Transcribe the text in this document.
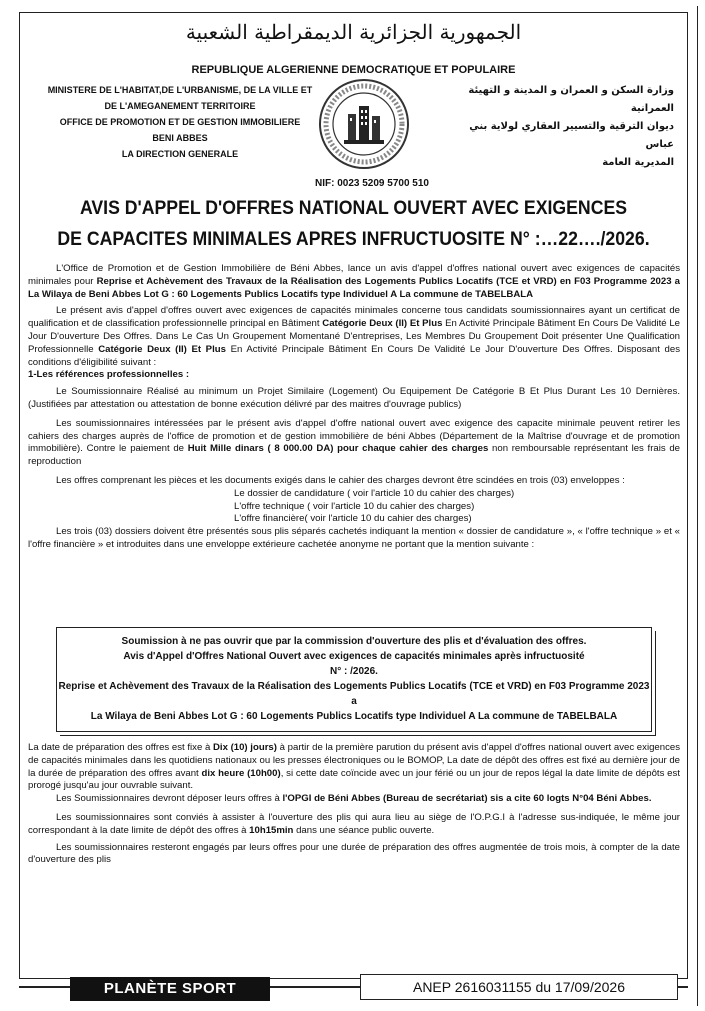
الجمهورية الجزائرية الديمقراطية الشعبية
REPUBLIQUE ALGERIENNE DEMOCRATIQUE ET POPULAIRE
MINISTERE DE L'HABITAT,DE L'URBANISME, DE LA VILLE ET
DE L'AMEGANEMENT TERRITOIRE
OFFICE DE PROMOTION ET DE GESTION IMMOBILIERE
BENI ABBES
LA DIRECTION GENERALE
وزارة السكن و العمران و المدينة و التهيئة العمرانية
ديوان الترقية والتسيير العقاري لولاية بني عباس
المديرية العامة
NIF: 0023 5209 5700 510
AVIS D'APPEL D'OFFRES NATIONAL OUVERT AVEC EXIGENCES
DE CAPACITES MINIMALES APRES INFRUCTUOSITE N° :…22…./2026.

L'Office de Promotion et de Gestion Immobilière de Béni Abbes, lance un avis d'appel d'offres national ouvert avec exigences de capacités minimales pour Reprise et Achèvement des Travaux de la Réalisation des Logements Publics Locatifs (TCE et VRD) en F03 Programme 2023 a La Wilaya de Beni Abbes Lot G : 60 Logements Publics Locatifs type Individuel A La commune de TABELBALA

Le présent avis d'appel d'offres ouvert avec exigences de capacités minimales concerne tous candidats soumissionnaires ayant un certificat de qualification et de classification professionnelle principal en Bâtiment Catégorie Deux (II) Et Plus En Activité Principale Bâtiment En Cours De Validité Le Jour D'ouverture Des Offres. Dans Le Cas Un Groupement Momentané D'entreprises, Les Membres Du Groupement Doit présenter Une Qualification Professionnelle Catégorie Deux (II) Et Plus En Activité Principale Bâtiment En Cours De Validité Le Jour D'ouverture Des Offres. Disposant des conditions d'éligibilité suivant :

1-Les références professionnelles :

Le Soumissionnaire Réalisé au minimum un Projet Similaire (Logement) Ou Equipement De Catégorie B Et Plus Durant Les 10 Dernières. (Justifiées par attestation ou attestation de bonne exécution délivré par des maitres d'ouvrage publics)

Les soumissionnaires intéressées par le présent avis d'appel d'offre national ouvert avec exigence des capacite minimale peuvent retirer les cahiers des charges auprès de l'office de promotion et de gestion immobilière de béni Abbes (Département de la Maîtrise d'ouvrage et de promotion immobilière). Contre le paiement de Huit Mille dinars ( 8 000.00 DA) pour chaque cahier des charges non remboursable représentant les frais de reproduction

Les offres comprenant les pièces et les documents exigés dans le cahier des charges devront être scindées en trois (03) enveloppes :

Le dossier de candidature ( voir l'article 10 du cahier des charges)

L'offre technique ( voir l'article 10 du cahier des charges)

L'offre financière( voir l'article 10 du cahier des charges)

Les trois (03) dossiers doivent être présentés sous plis séparés cachetés indiquant la mention « dossier de candidature », « l'offre technique » et « l'offre financière » et introduites dans une enveloppe extérieure cachetée anonyme ne portant que la mention suivante :

Soumission à ne pas ouvrir que par la commission d'ouverture des plis et d'évaluation des offres.
Avis d'Appel d'Offres National Ouvert avec exigences de capacités minimales après infructuosité
N° : /2026.
Reprise et Achèvement des Travaux de la Réalisation des Logements Publics Locatifs (TCE et VRD) en F03 Programme 2023 a
La Wilaya de Beni Abbes Lot G : 60 Logements Publics Locatifs type Individuel A La commune de TABELBALA

La date de préparation des offres est fixe à Dix (10) jours) à partir de la première parution du présent avis d'appel d'offres national ouvert avec exigences de capacités minimales dans les quotidiens nationaux ou les presses électroniques ou le BOMOP, La date de dépôt des offres est fixé au dernière jour de la durée de préparation des offres avant dix heure (10h00), si cette date coïncide avec un jour férié ou un jour de repos légal la date limite de dépôts est prorogé jusqu'au jour ouvrable suivant.

Les Soumissionnaires devront déposer leurs offres à l'OPGI de Béni Abbes (Bureau de secrétariat) sis a cite 60 logts N°04 Béni Abbes.

Les soumissionnaires sont conviés à assister à l'ouverture des plis qui aura lieu au siège de l'O.P.G.I à l'adresse sus-indiquée, le même jour correspondant à la date limite de dépôt des offres à 10h15min dans une séance public ouverte.

Les soumissionnaires resteront engagés par leurs offres pour une durée de préparation des offres augmentée de trois mois, à compter de la date d'ouverture des plis

PLANÈTE SPORT	ANEP 2616031155 du 17/09/2026
